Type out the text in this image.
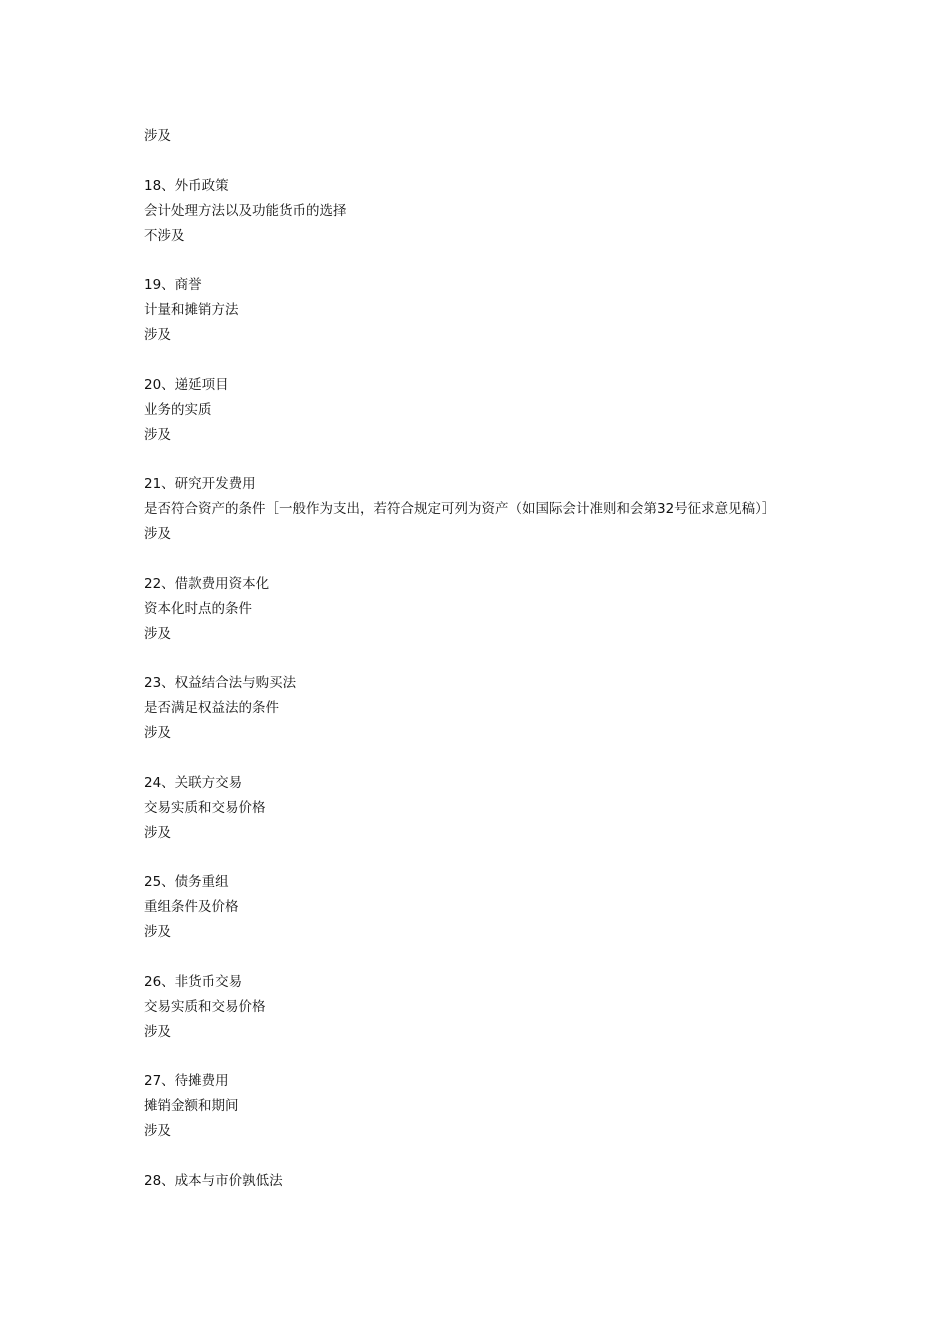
涉及
18、外币政策
会计处理方法以及功能货币的选择
不涉及
19、商誉
计量和摊销方法
涉及
20、递延项目
业务的实质
涉及
21、研究开发费用
是否符合资产的条件［一般作为支出，若符合规定可列为资产（如国际会计准则和会第32号征求意见稿）］
涉及
22、借款费用资本化
资本化时点的条件
涉及
23、权益结合法与购买法
是否满足权益法的条件
涉及
24、关联方交易
交易实质和交易价格
涉及
25、债务重组
重组条件及价格
涉及
26、非货币交易
交易实质和交易价格
涉及
27、待摊费用
摊销金额和期间
涉及
28、成本与市价孰低法
